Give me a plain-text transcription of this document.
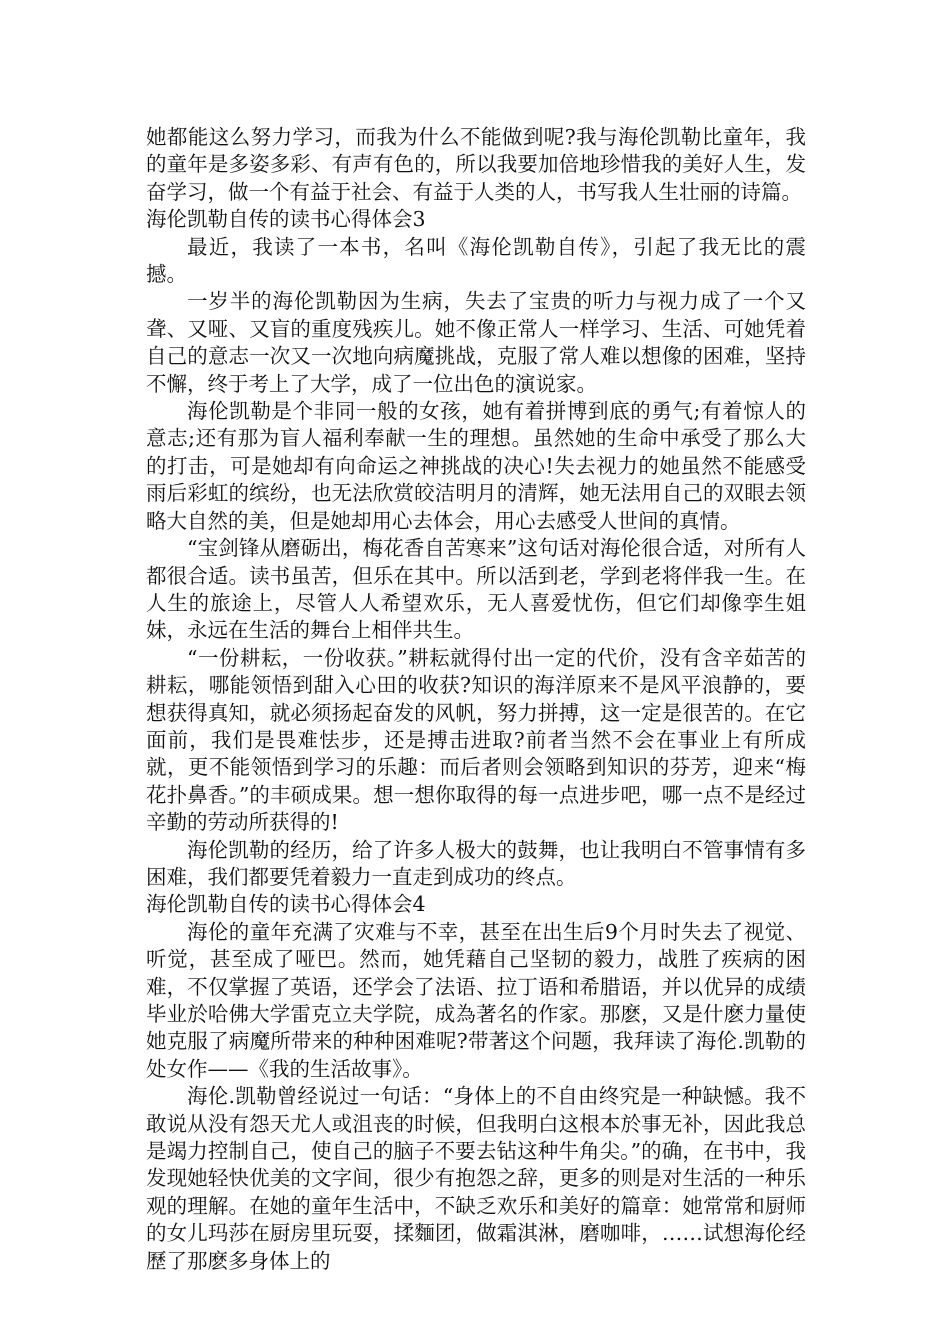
她都能这么努力学习，而我为什么不能做到呢?我与海伦凯勒比童年，我的童年是多姿多彩、有声有色的，所以我要加倍地珍惜我的美好人生，发奋学习，做一个有益于社会、有益于人类的人，书写我人生壮丽的诗篇。

海伦凯勒自传的读书心得体会3

最近，我读了一本书，名叫《海伦凯勒自传》，引起了我无比的震撼。

一岁半的海伦凯勒因为生病，失去了宝贵的听力与视力成了一个又聋、又哑、又盲的重度残疾儿。她不像正常人一样学习、生活、可她凭着自己的意志一次又一次地向病魔挑战，克服了常人难以想像的困难，坚持不懈，终于考上了大学，成了一位出色的演说家。

海伦凯勒是个非同一般的女孩，她有着拼博到底的勇气;有着惊人的意志;还有那为盲人福利奉献一生的理想。虽然她的生命中承受了那么大的打击，可是她却有向命运之神挑战的决心!失去视力的她虽然不能感受雨后彩虹的缤纷，也无法欣赏皎洁明月的清辉，她无法用自己的双眼去领略大自然的美，但是她却用心去体会，用心去感受人世间的真情。

“宝剑锋从磨砺出，梅花香自苦寒来”这句话对海伦很合适，对所有人都很合适。读书虽苦，但乐在其中。所以活到老，学到老将伴我一生。在人生的旅途上，尽管人人希望欢乐，无人喜爱忧伤，但它们却像孪生姐妹，永远在生活的舞台上相伴共生。

“一份耕耘，一份收获。”耕耘就得付出一定的代价，没有含辛茹苦的耕耘，哪能领悟到甜入心田的收获?知识的海洋原来不是风平浪静的，要想获得真知，就必须扬起奋发的风帆，努力拼搏，这一定是很苦的。在它面前，我们是畏难怯步，还是搏击进取?前者当然不会在事业上有所成就，更不能领悟到学习的乐趣：而后者则会领略到知识的芬芳，迎来“梅花扑鼻香。”的丰硕成果。想一想你取得的每一点进步吧，哪一点不是经过辛勤的劳动所获得的!

海伦凯勒的经历，给了许多人极大的鼓舞，也让我明白不管事情有多困难，我们都要凭着毅力一直走到成功的终点。

海伦凯勒自传的读书心得体会4

海伦的童年充满了灾难与不幸，甚至在出生后9个月时失去了视觉、听觉，甚至成了哑巴。然而，她凭藉自己坚韧的毅力，战胜了疾病的困难，不仅掌握了英语，还学会了法语、拉丁语和希腊语，并以优异的成绩毕业於哈佛大学雷克立夫学院，成為著名的作家。那麽，又是什麽力量使她克服了病魔所带来的种种困难呢?带著这个问题，我拜读了海伦.凯勒的处女作——《我的生活故事》。

海伦.凯勒曾经说过一句话：“身体上的不自由终究是一种缺憾。我不敢说从没有怨天尤人或沮丧的时候，但我明白这根本於事无补，因此我总是竭力控制自己，使自己的脑子不要去钻这种牛角尖。”的确，在书中，我发现她轻快优美的文字间，很少有抱怨之辞，更多的则是对生活的一种乐观的理解。在她的童年生活中，不缺乏欢乐和美好的篇章：她常常和厨师的女儿玛莎在厨房里玩耍，揉麵团，做霜淇淋，磨咖啡，……试想海伦经歷了那麽多身体上的
